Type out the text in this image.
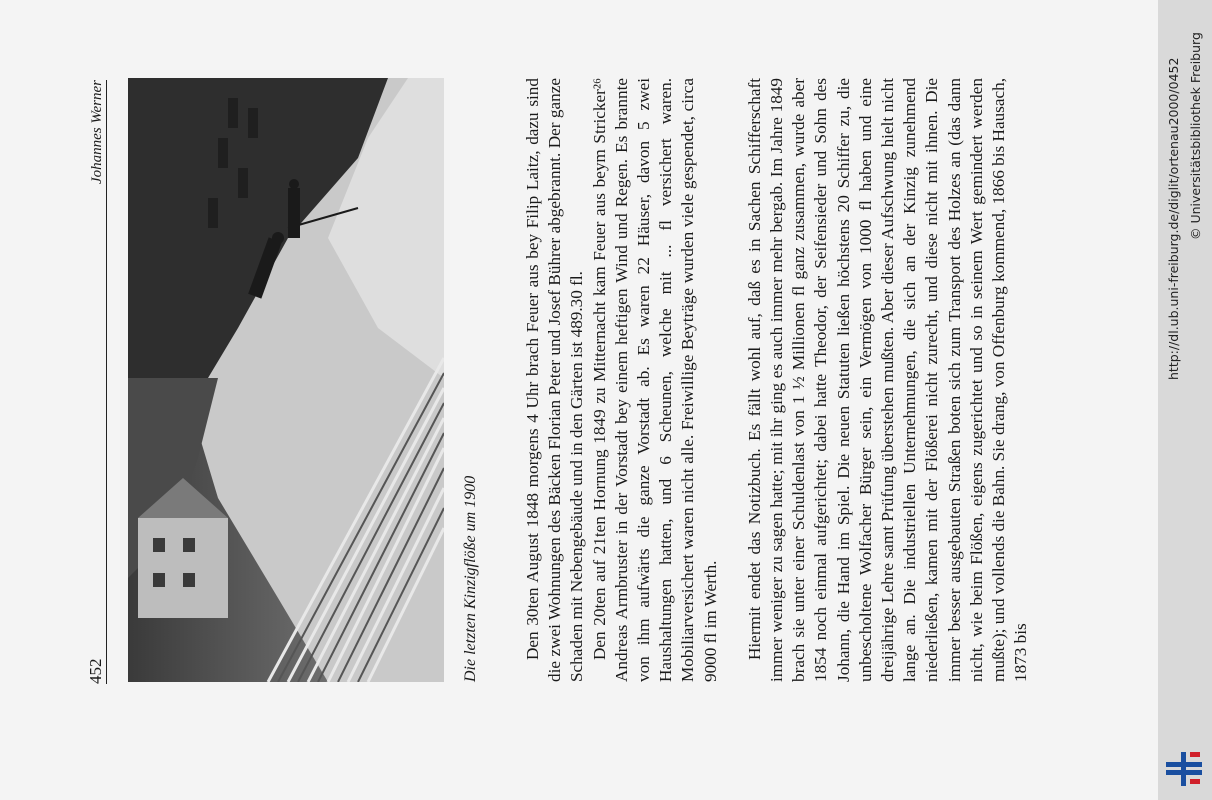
452
Johannes Werner
Die letzten Kinzigflöße um 1900	Den 30ten August 1848 morgens 4 Uhr brach Feuer aus bey Filip Laitz, dazu sind die zwei Wohnungen des Bäcken Florian Peter und Josef Bührer abgebrannt. Der ganze Schaden mit Nebengebäude und in den Gärten ist 489.30 fl. Den 20ten auf 21ten Hornung 1849 zu Mitternacht kam Feuer aus beym Stricker²⁶ Andreas Armbruster in der Vorstadt bey einem heftigen Wind und Regen. Es brannte von ihm aufwärts die ganze Vorstadt ab. Es waren 22 Häuser, davon 5 zwei Haushaltungen hatten, und 6 Scheunen, welche mit ... fl versichert waren. Mobiliarversichert waren nicht alle. Freiwillige Beyträge wurden viele gespendet, circa 9000 fl im Werth. Hiermit endet das Notizbuch. Es fällt wohl auf, daß es in Sachen Schifferschaft immer weniger zu sagen hatte; mit ihr ging es auch immer mehr bergab. Im Jahre 1849 brach sie unter einer Schuldenlast von 1 ½ Millionen fl ganz zusammen, wurde aber 1854 noch einmal aufgerichtet; dabei hatte Theodor, der Seifensieder und Sohn des Johann, die Hand im Spiel. Die neuen Statuten ließen höchstens 20 Schiffer zu, die unbescholtene Wolfacher Bürger sein, ein Vermögen von 1000 fl haben und eine dreijährige Lehre samt Prüfung überstehen mußten. Aber dieser Aufschwung hielt nicht lange an. Die industriellen Unternehmungen, die sich an der Kinzig zunehmend niederließen, kamen mit der Flößerei nicht zurecht, und diese nicht mit ihnen. Die immer besser ausgebauten Straßen boten sich zum Transport des Holzes an (das dann nicht, wie beim Flößen, eigens zugerichtet und so in seinem Wert gemindert werden mußte); und vollends die Bahn. Sie drang, von Offenburg kommend, 1866 bis Hausach, 1873 bis

http://dl.ub.uni-freiburg.de/diglit/ortenau2000/0452 © Universitätsbibliothek Freiburg
